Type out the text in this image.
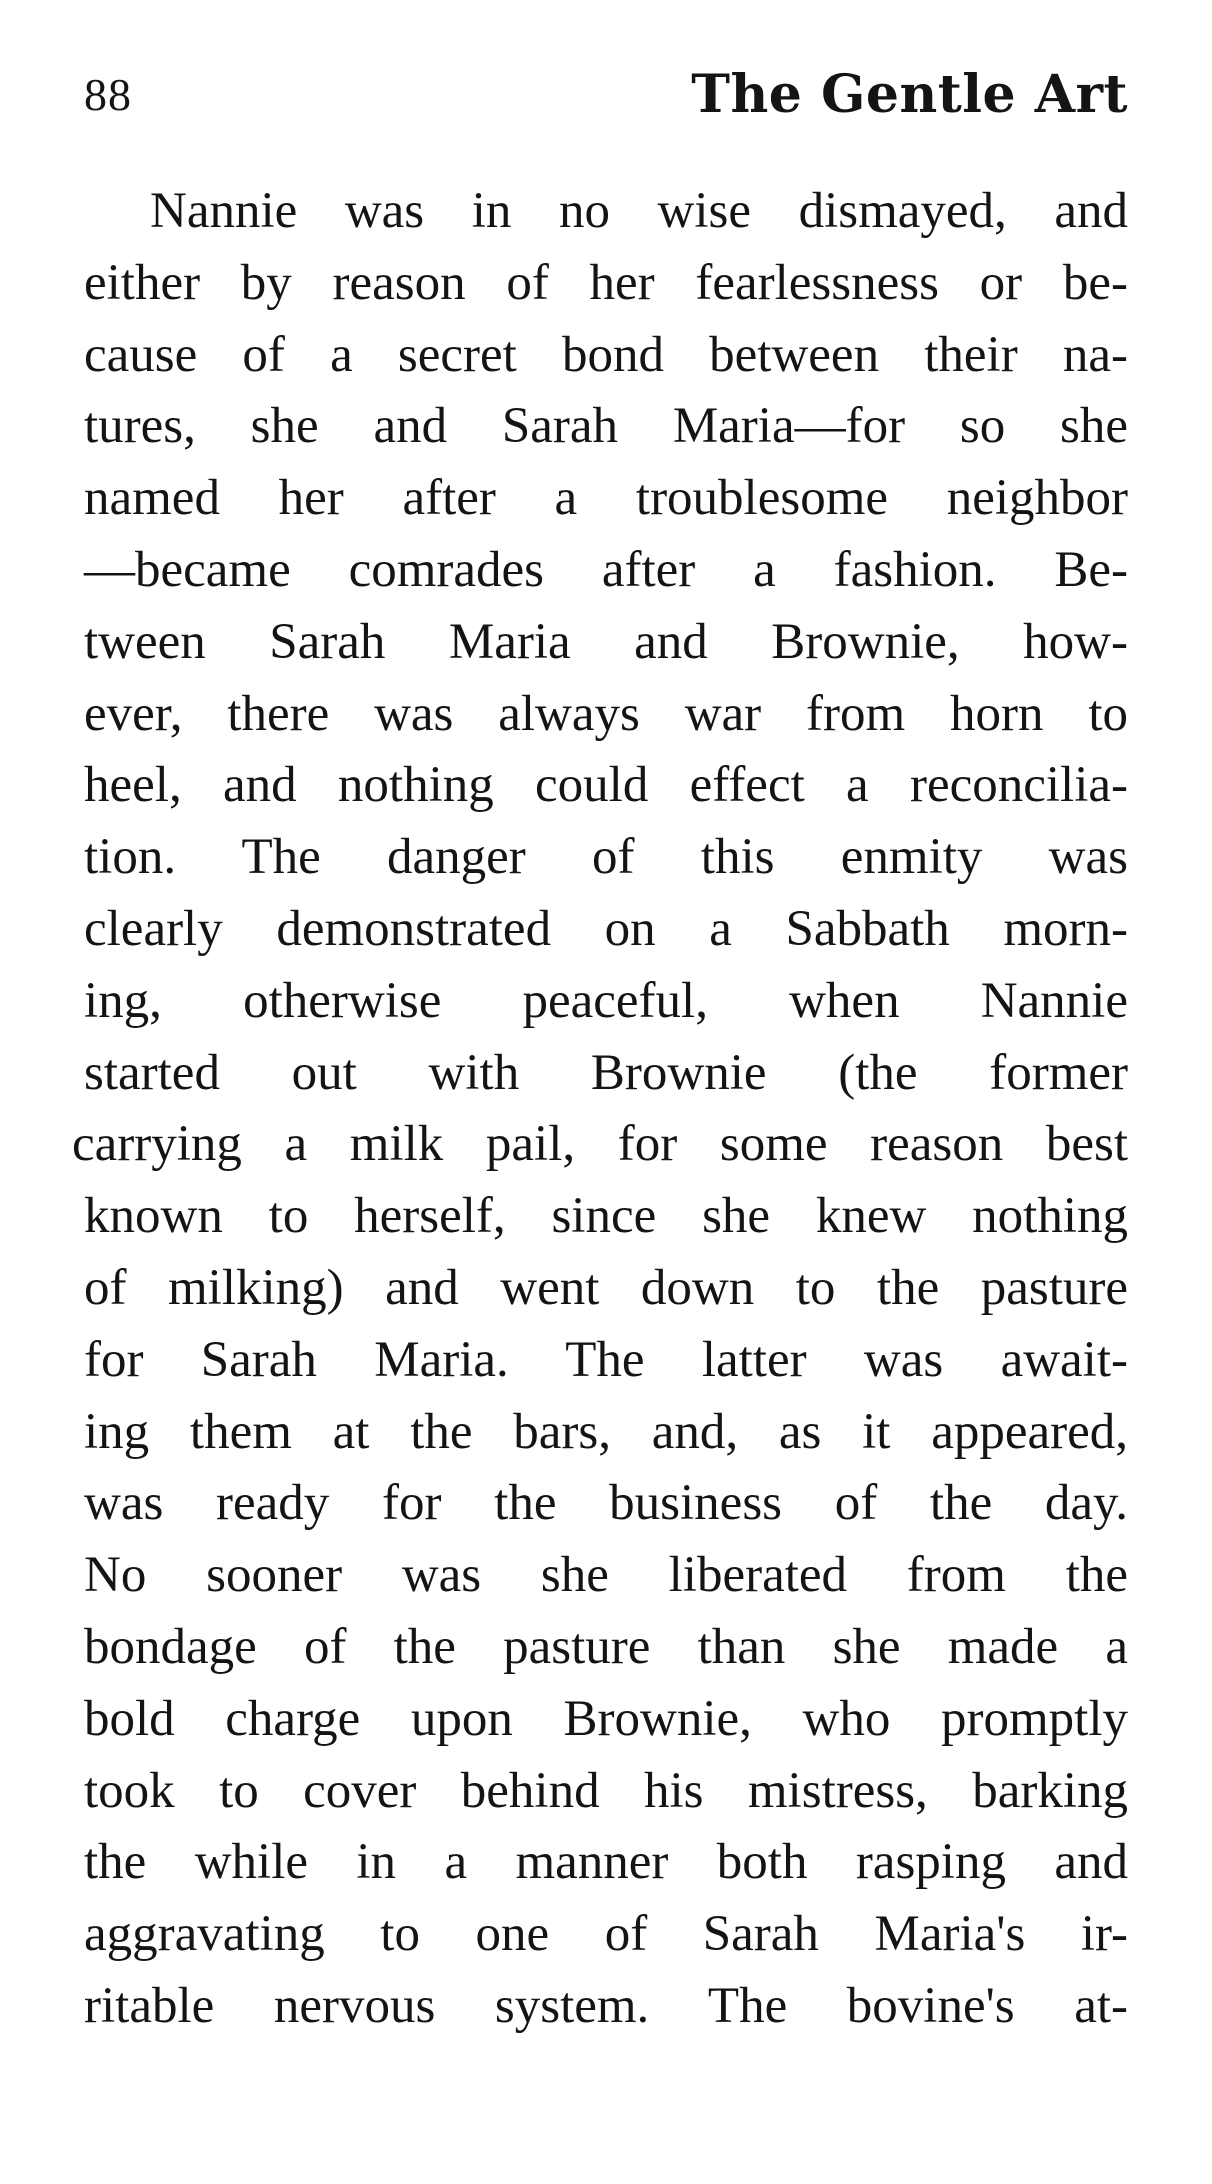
88	The Gentle Art
Nannie was in no wise dismayed, and
either by reason of her fearlessness or be-
cause of a secret bond between their na-
tures, she and Sarah Maria—for so she
named her after a troublesome neighbor
—became comrades after a fashion. Be-
tween Sarah Maria and Brownie, how-
ever, there was always war from horn to
heel, and nothing could effect a reconcilia-
tion. The danger of this enmity was
clearly demonstrated on a Sabbath morn-
ing, otherwise peaceful, when Nannie
started out with Brownie (the former
carrying a milk pail, for some reason best
known to herself, since she knew nothing
of milking) and went down to the pasture
for Sarah Maria. The latter was await-
ing them at the bars, and, as it appeared,
was ready for the business of the day.
No sooner was she liberated from the
bondage of the pasture than she made a
bold charge upon Brownie, who promptly
took to cover behind his mistress, barking
the while in a manner both rasping and
aggravating to one of Sarah Maria's ir-
ritable nervous system. The bovine's at-
